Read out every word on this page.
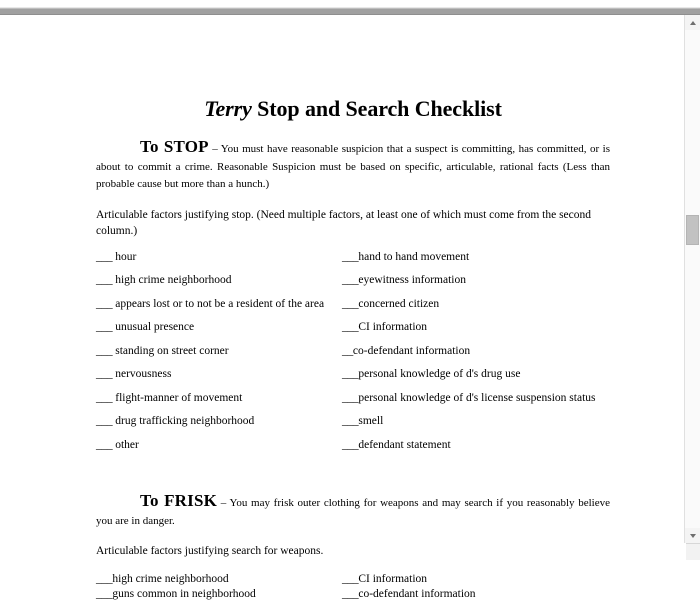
Terry Stop and Search Checklist

To STOP – You must have reasonable suspicion that a suspect is committing, has committed, or is about to commit a crime. Reasonable Suspicion must be based on specific, articulable, rational facts (Less than probable cause but more than a hunch.)

Articulable factors justifying stop. (Need multiple factors, at least one of which must come from the second column.)

___ hour	___hand to hand movement
___ high crime neighborhood	___eyewitness information
___ appears lost or to not be a resident of the area	___concerned citizen
___ unusual presence	___CI information
___ standing on street corner	__co-defendant information
___ nervousness	___personal knowledge of d's drug use
___ flight-manner of movement	___personal knowledge of d's license suspension status
___ drug trafficking neighborhood	___smell
___ other	___defendant statement

To FRISK – You may frisk outer clothing for weapons and may search if you reasonably believe you are in danger.

Articulable factors justifying search for weapons.

___high crime neighborhood	___CI information
___guns common in neighborhood	___co-defendant information
